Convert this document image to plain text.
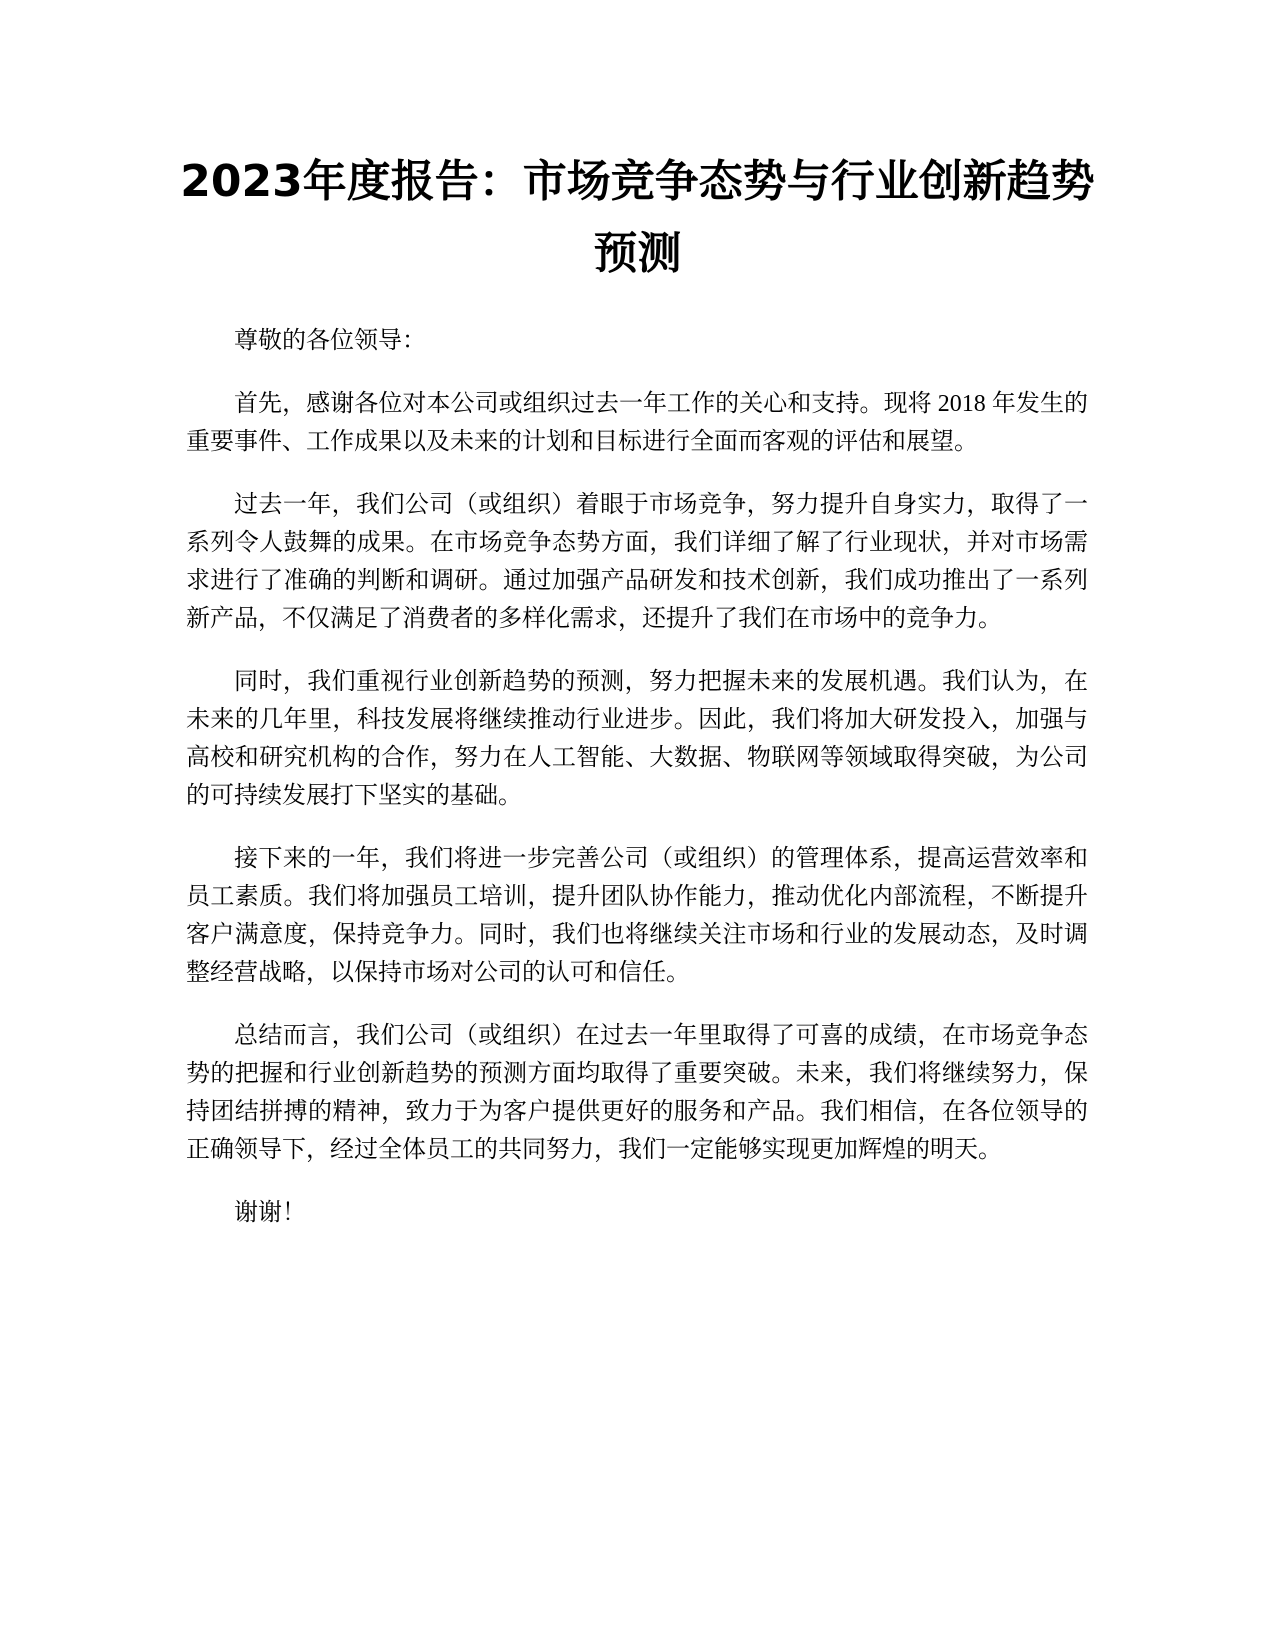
2023年度报告：市场竞争态势与行业创新趋势预测

尊敬的各位领导：

首先，感谢各位对本公司或组织过去一年工作的关心和支持。现将 2018 年发生的重要事件、工作成果以及未来的计划和目标进行全面而客观的评估和展望。

过去一年，我们公司（或组织）着眼于市场竞争，努力提升自身实力，取得了一系列令人鼓舞的成果。在市场竞争态势方面，我们详细了解了行业现状，并对市场需求进行了准确的判断和调研。通过加强产品研发和技术创新，我们成功推出了一系列新产品，不仅满足了消费者的多样化需求，还提升了我们在市场中的竞争力。

同时，我们重视行业创新趋势的预测，努力把握未来的发展机遇。我们认为，在未来的几年里，科技发展将继续推动行业进步。因此，我们将加大研发投入，加强与高校和研究机构的合作，努力在人工智能、大数据、物联网等领域取得突破，为公司的可持续发展打下坚实的基础。

接下来的一年，我们将进一步完善公司（或组织）的管理体系，提高运营效率和员工素质。我们将加强员工培训，提升团队协作能力，推动优化内部流程，不断提升客户满意度，保持竞争力。同时，我们也将继续关注市场和行业的发展动态，及时调整经营战略，以保持市场对公司的认可和信任。

总结而言，我们公司（或组织）在过去一年里取得了可喜的成绩，在市场竞争态势的把握和行业创新趋势的预测方面均取得了重要突破。未来，我们将继续努力，保持团结拼搏的精神，致力于为客户提供更好的服务和产品。我们相信，在各位领导的正确领导下，经过全体员工的共同努力，我们一定能够实现更加辉煌的明天。

谢谢！
